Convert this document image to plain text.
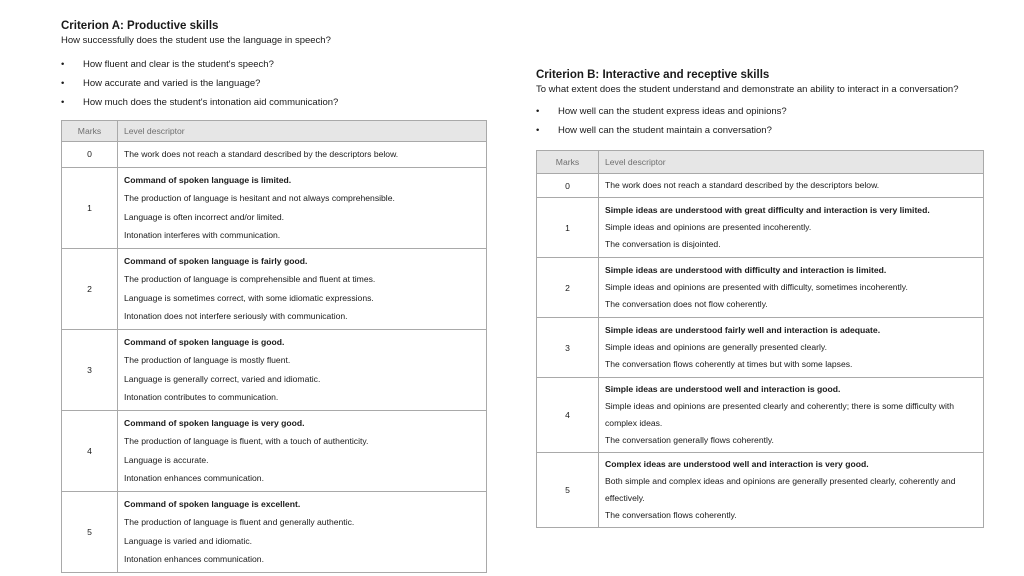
Criterion A: Productive skills

How successfully does the student use the language in speech?

• How fluent and clear is the student's speech?
• How accurate and varied is the language?
• How much does the student's intonation aid communication?
Marks	Level descriptor
0	The work does not reach a standard described by the descriptors below.

1	Command of spoken language is limited.

The production of language is hesitant and not always comprehensible.

Language is often incorrect and/or limited.

Intonation interferes with communication.

2	Command of spoken language is fairly good.

The production of language is comprehensible and fluent at times.

Language is sometimes correct, with some idiomatic expressions.

Intonation does not interfere seriously with communication.

3	Command of spoken language is good.

The production of language is mostly fluent.

Language is generally correct, varied and idiomatic.

Intonation contributes to communication.

4	Command of spoken language is very good.

The production of language is fluent, with a touch of authenticity.

Language is accurate.

Intonation enhances communication.

5	Command of spoken language is excellent.

The production of language is fluent and generally authentic.

Language is varied and idiomatic.

Intonation enhances communication.

Criterion B: Interactive and receptive skills

To what extent does the student understand and demonstrate an ability to interact in a conversation?

• How well can the student express ideas and opinions?
• How well can the student maintain a conversation?
Marks	Level descriptor
0	The work does not reach a standard described by the descriptors below.

1	Simple ideas are understood with great difficulty and interaction is very limited.

Simple ideas and opinions are presented incoherently.

The conversation is disjointed.

2	Simple ideas are understood with difficulty and interaction is limited.

Simple ideas and opinions are presented with difficulty, sometimes incoherently.

The conversation does not flow coherently.

3	Simple ideas are understood fairly well and interaction is adequate.

Simple ideas and opinions are generally presented clearly.

The conversation flows coherently at times but with some lapses.

4	Simple ideas are understood well and interaction is good.

Simple ideas and opinions are presented clearly and coherently; there is some difficulty with complex ideas.

The conversation generally flows coherently.

5	Complex ideas are understood well and interaction is very good.

Both simple and complex ideas and opinions are generally presented clearly, coherently and effectively.

The conversation flows coherently.
